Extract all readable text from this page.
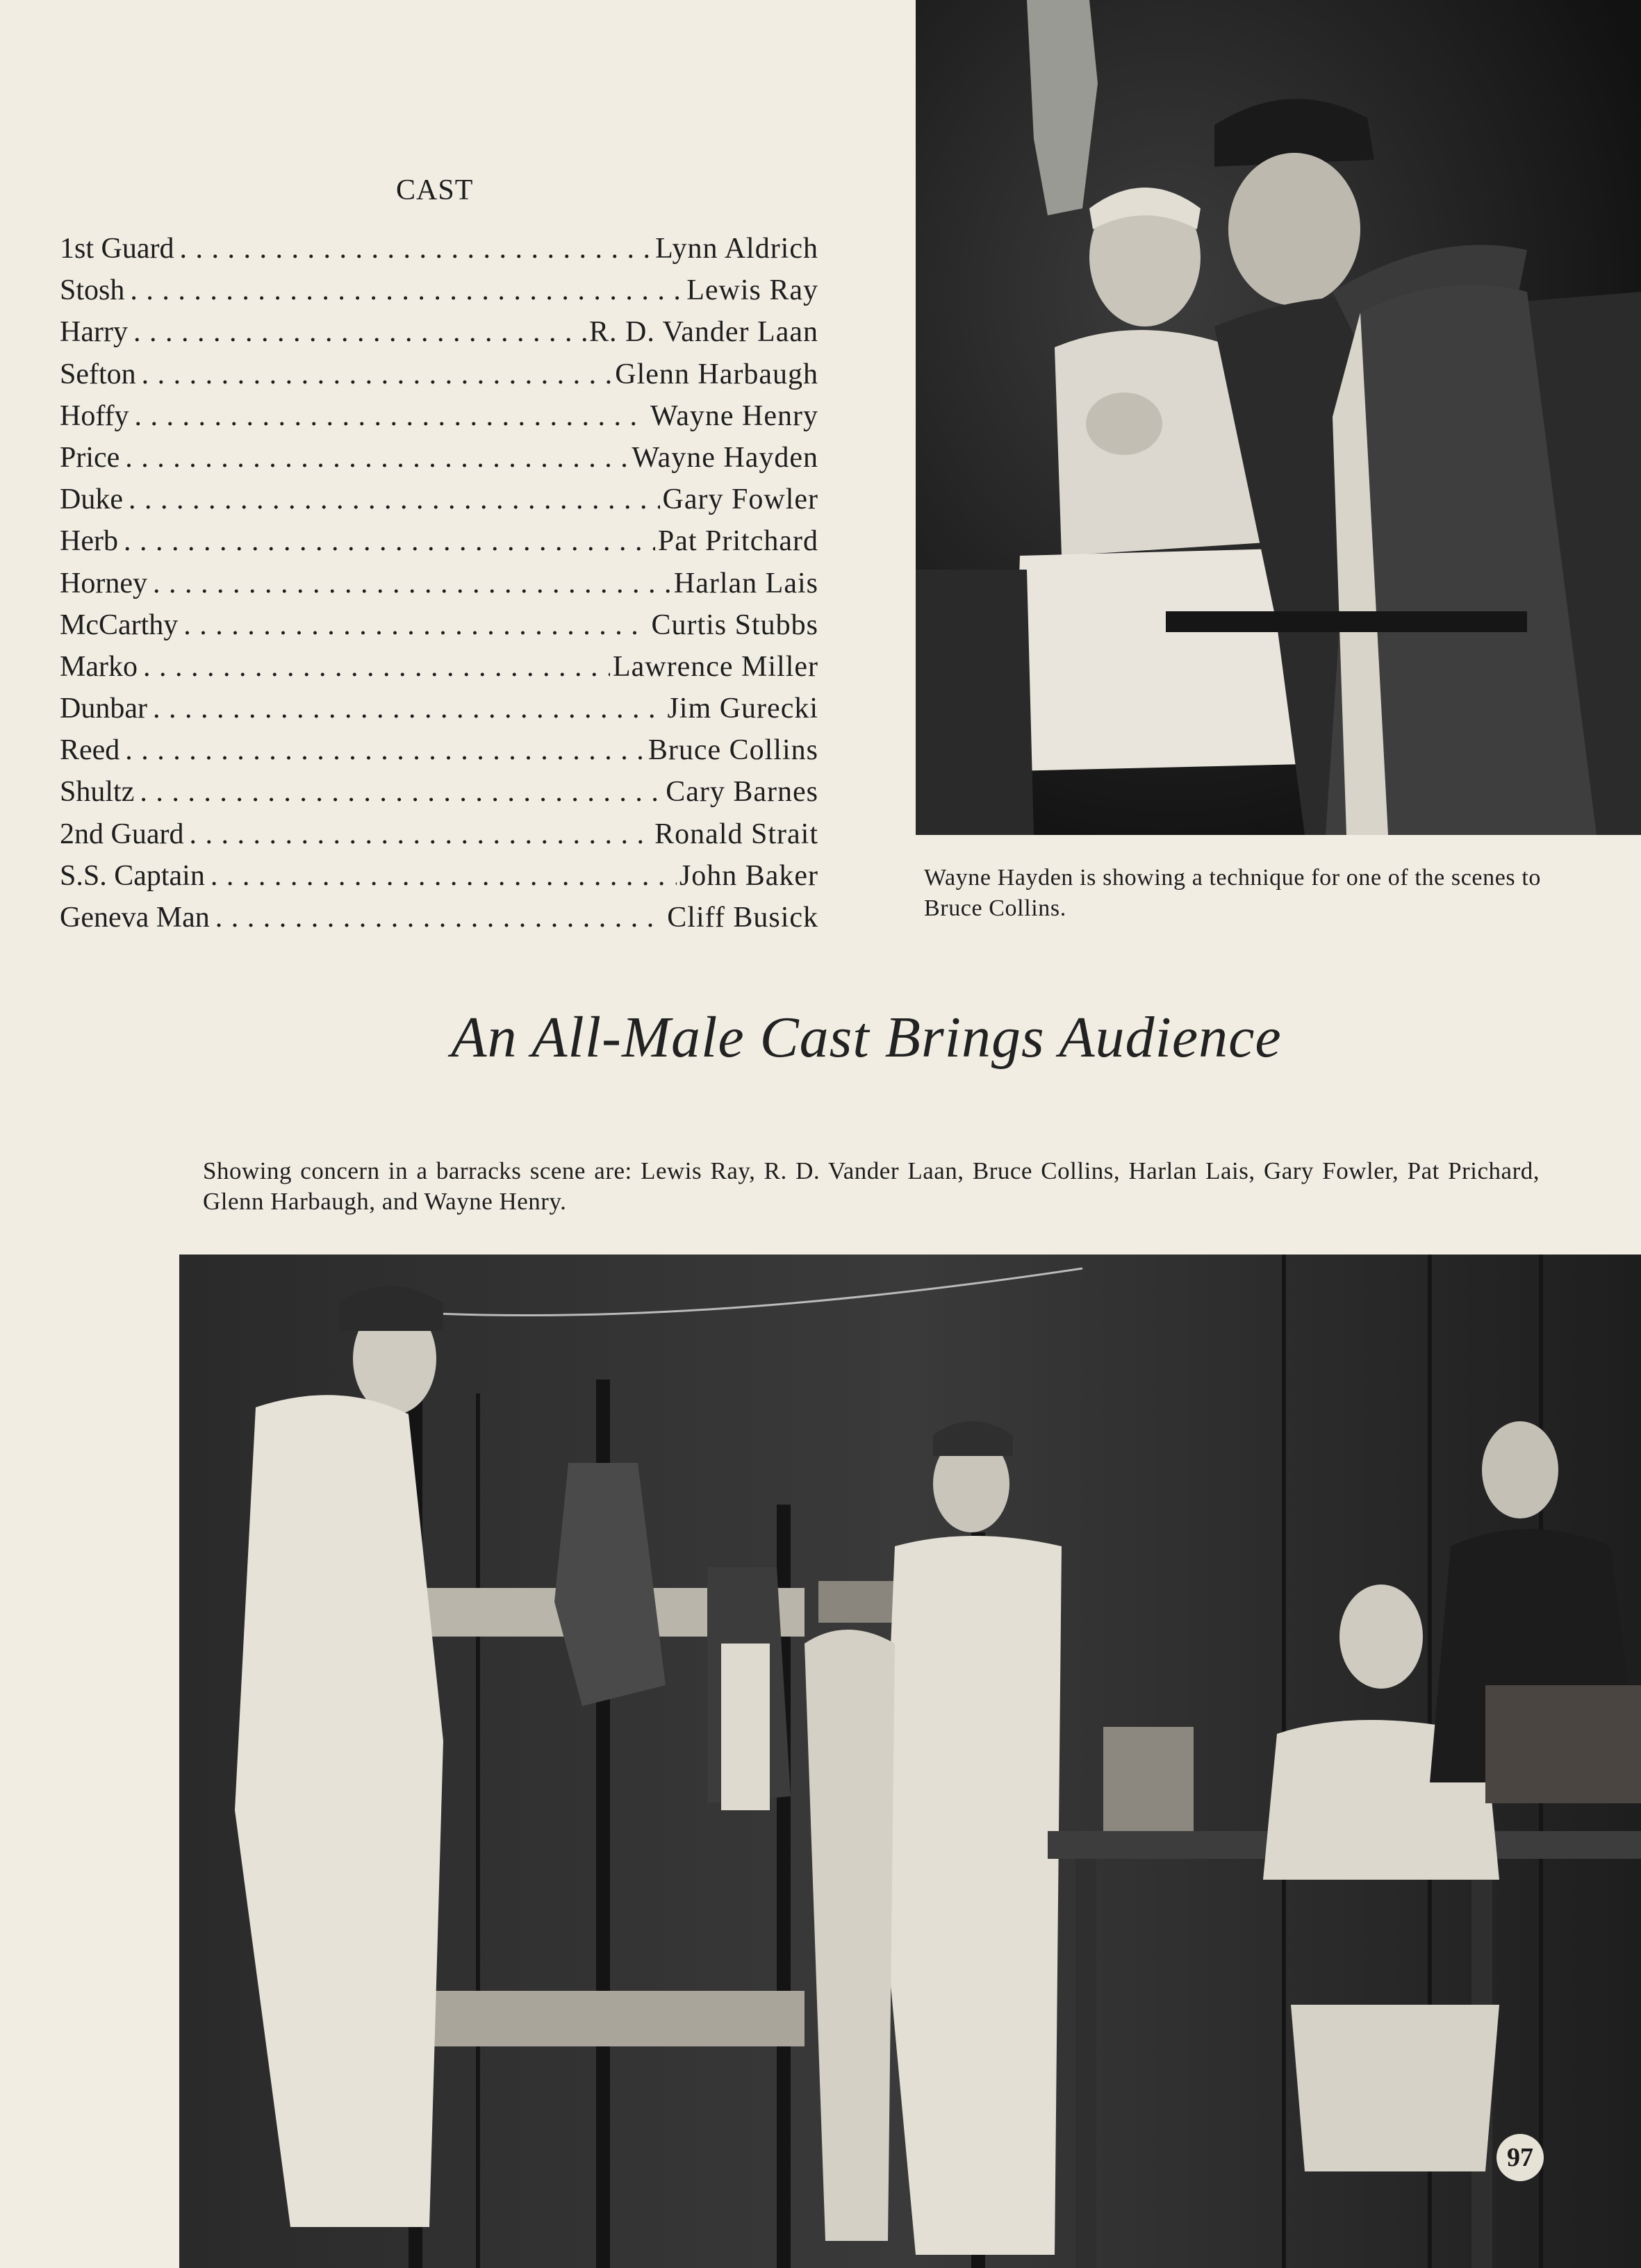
CAST
1st Guard . . .	Lynn Aldrich
Stosh . . .	Lewis Ray
Harry . . .	R. D. Vander Laan
Sefton . . .	Glenn Harbaugh
Hoffy . . .	Wayne Henry
Price . . .	Wayne Hayden
Duke . . .	Gary Fowler
Herb . . .	Pat Pritchard
Horney . . .	Harlan Lais
McCarthy . . .	Curtis Stubbs
Marko . . .	Lawrence Miller
Dunbar . . .	Jim Gurecki
Reed . . .	Bruce Collins
Shultz . . .	Cary Barnes
2nd Guard . . .	Ronald Strait
S.S. Captain . . .	John Baker
Geneva Man . . .	Cliff Busick
Wayne Hayden is showing a technique for one of the scenes to Bruce Collins.
An All-Male Cast Brings Audience
Showing concern in a barracks scene are: Lewis Ray, R. D. Vander Laan, Bruce Collins, Harlan Lais, Gary Fowler, Pat Prichard, Glenn Harbaugh, and Wayne Henry.
97
